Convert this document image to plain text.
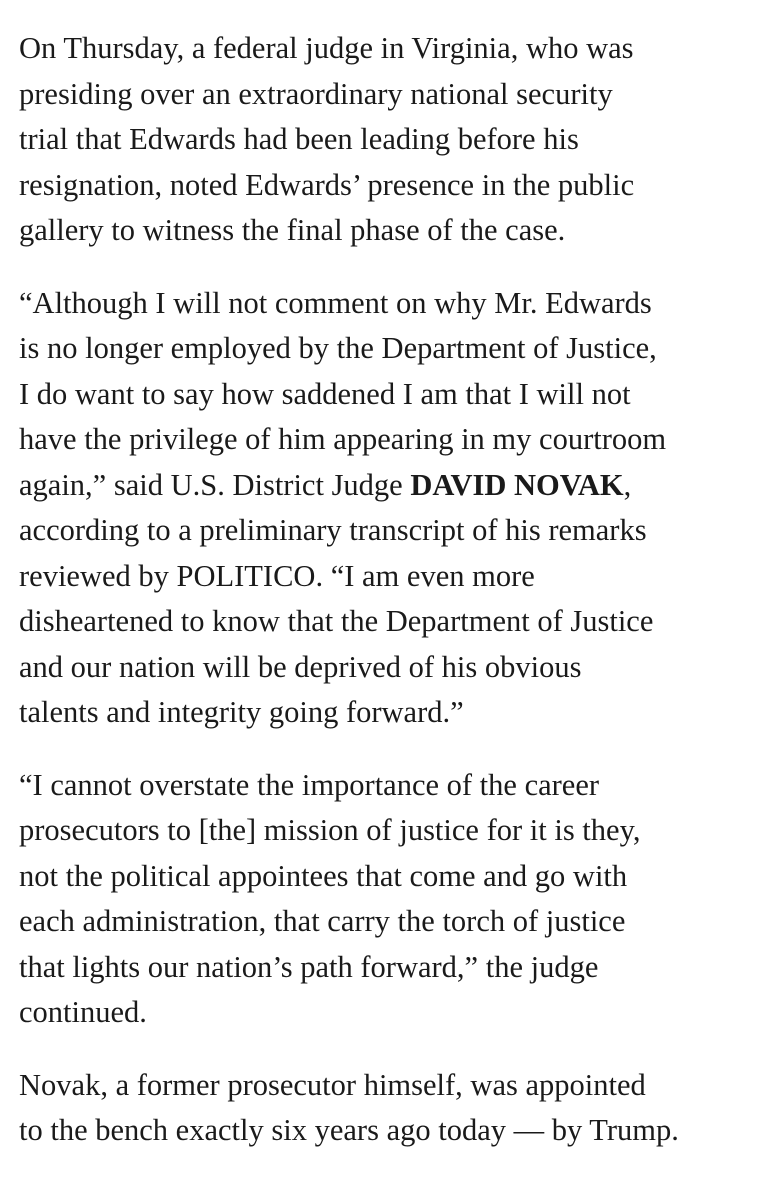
On Thursday, a federal judge in Virginia, who was
presiding over an extraordinary national security
trial that Edwards had been leading before his
resignation, noted Edwards’ presence in the public
gallery to witness the final phase of the case.

“Although I will not comment on why Mr. Edwards
is no longer employed by the Department of Justice,
I do want to say how saddened I am that I will not
have the privilege of him appearing in my courtroom
again,” said U.S. District Judge DAVID NOVAK,
according to a preliminary transcript of his remarks
reviewed by POLITICO. “I am even more
disheartened to know that the Department of Justice
and our nation will be deprived of his obvious
talents and integrity going forward.”

“I cannot overstate the importance of the career
prosecutors to [the] mission of justice for it is they,
not the political appointees that come and go with
each administration, that carry the torch of justice
that lights our nation’s path forward,” the judge
continued.

Novak, a former prosecutor himself, was appointed
to the bench exactly six years ago today — by Trump.
